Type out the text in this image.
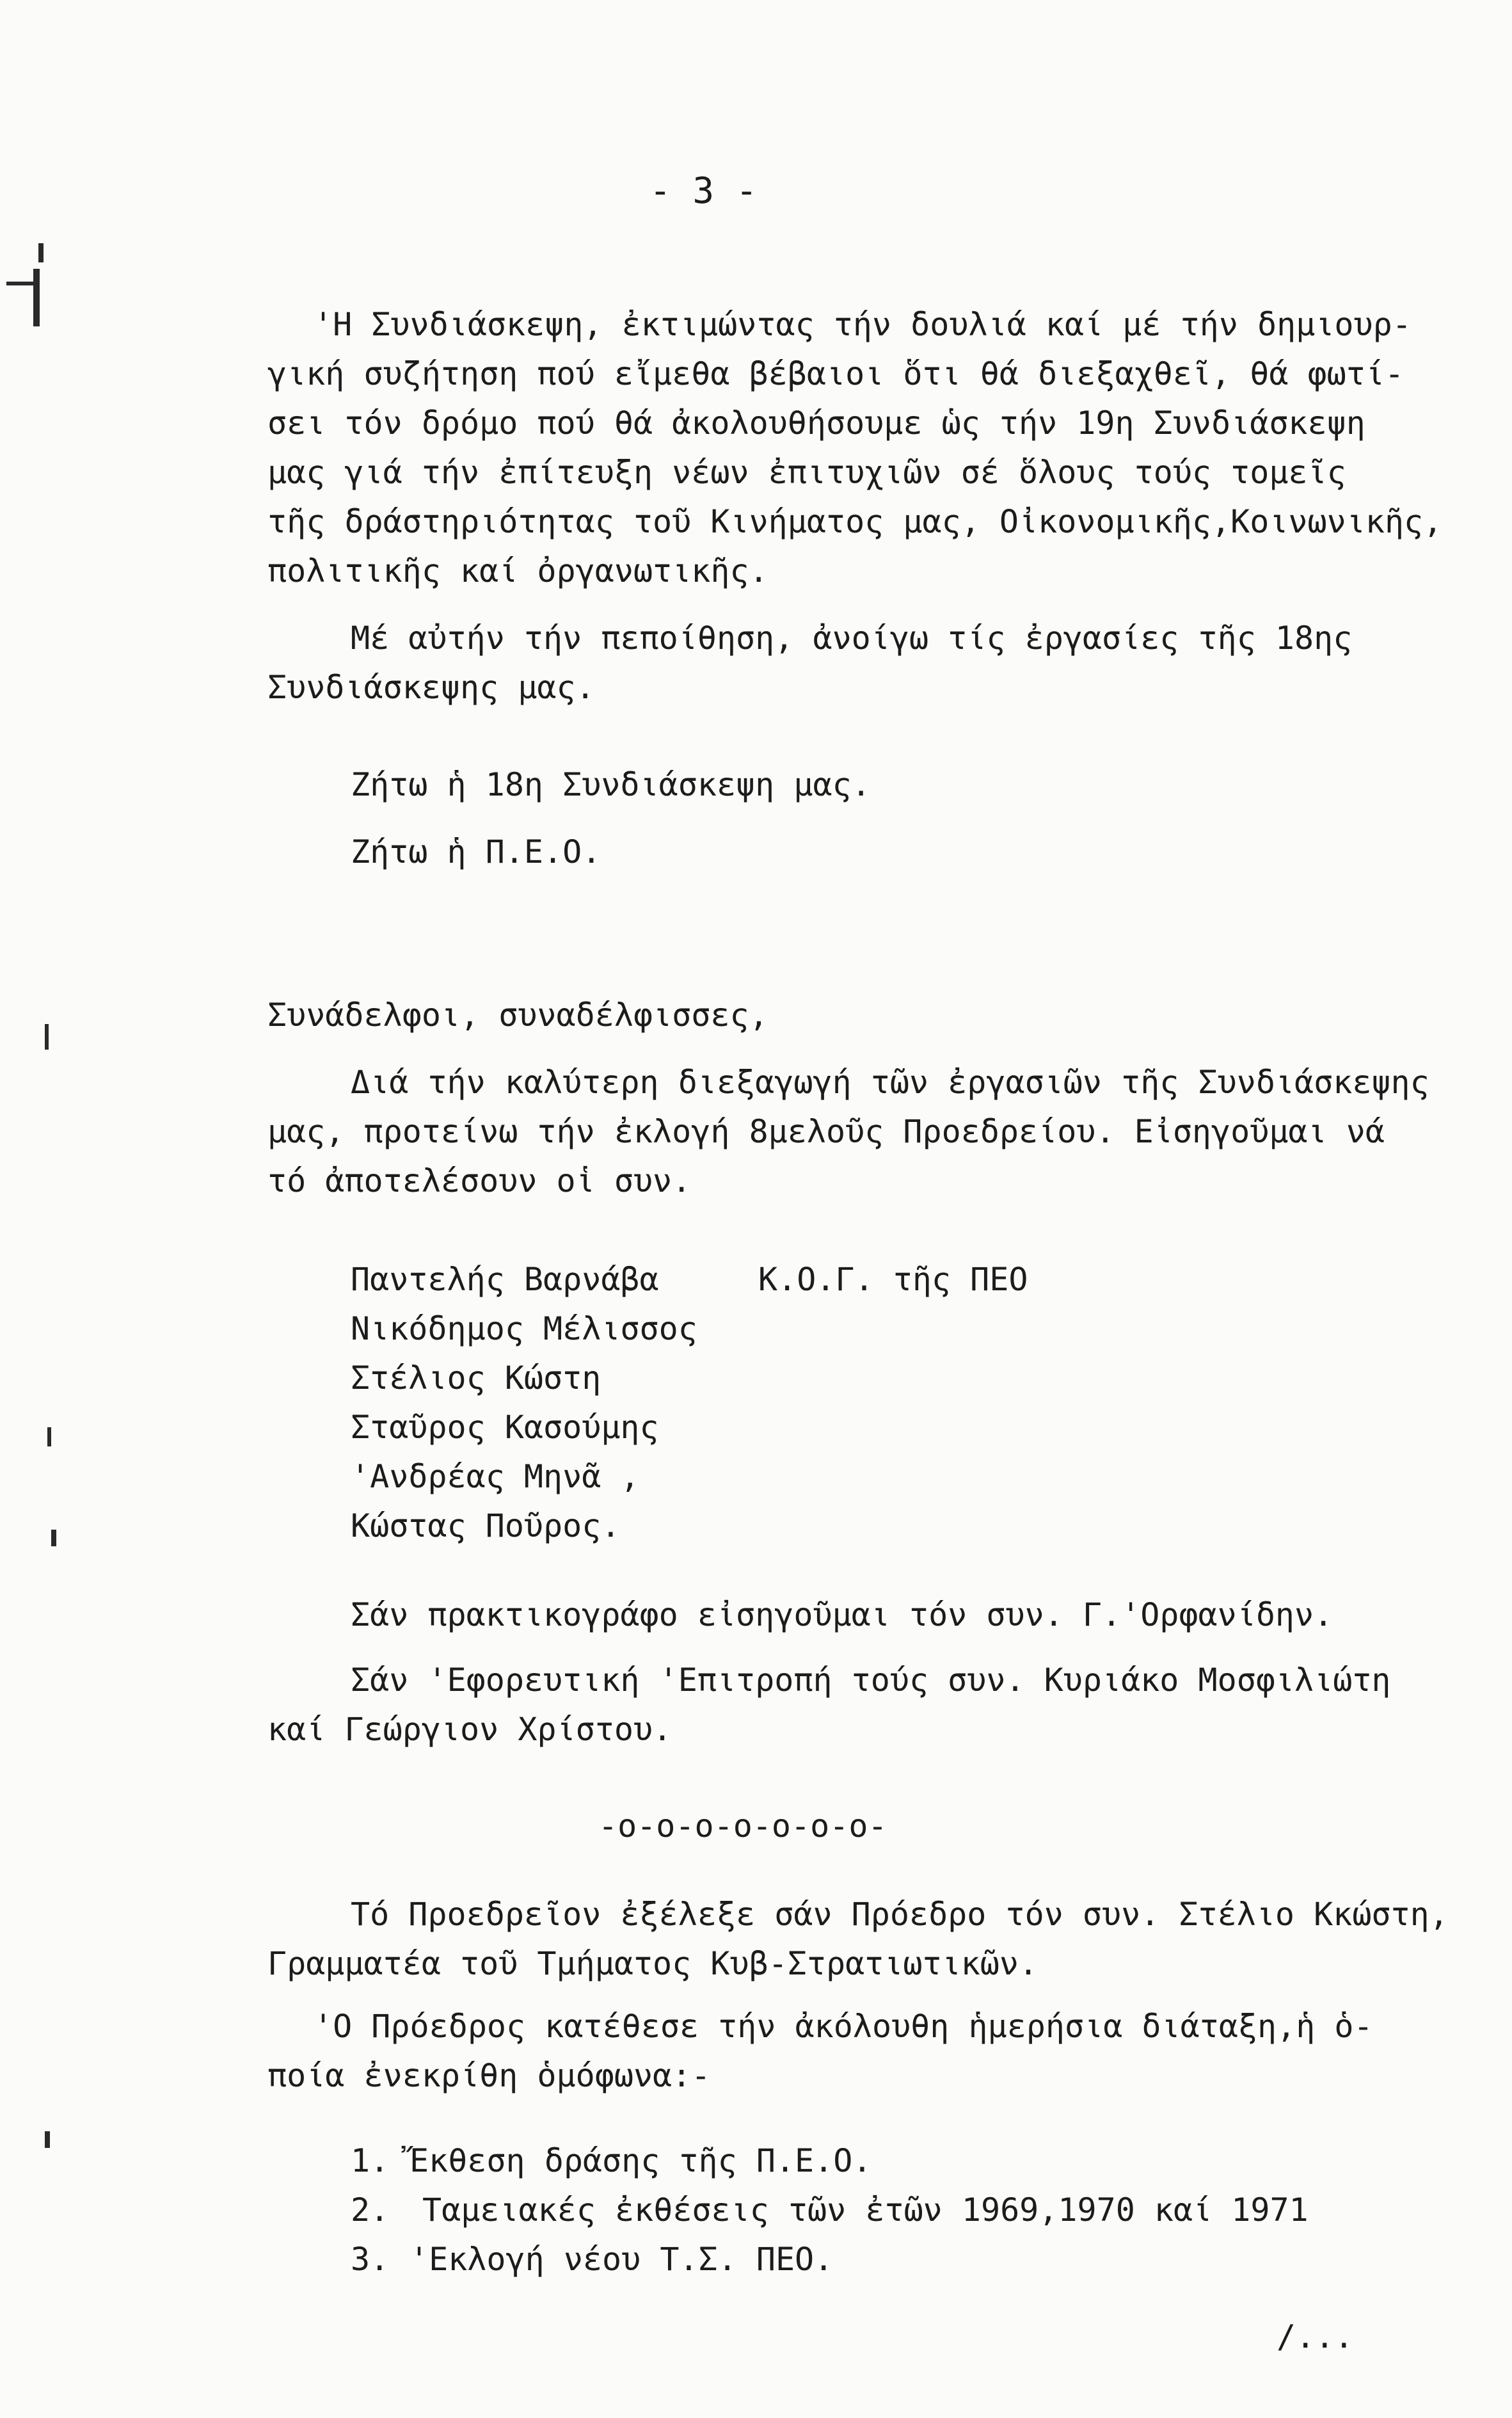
- 3 -
'Η Συνδιάσκεψη, ἐκτιμώντας τήν δουλιά καί μέ τήν δημιουρ-
γική συζήτηση πού εἴμεθα βέβαιοι ὅτι θά διεξαχθεῖ, θά φωτί-
σει τόν δρόμο πού θά ἀκολουθήσουμε ὡς τήν 19η Συνδιάσκεψη
μας γιά τήν ἐπίτευξη νέων ἐπιτυχιῶν σέ ὅλους τούς τομεῖς
τῆς δράστηριότητας τοῦ Κινήματος μας, Οἰκονομικῆς,Κοινωνικῆς,
πολιτικῆς καί ὀργανωτικῆς.
Μέ αὐτήν τήν πεποίθηση, ἀνοίγω τίς ἐργασίες τῆς 18ης
Συνδιάσκεψης μας.
Ζήτω ἡ 18η Συνδιάσκεψη μας.
Ζήτω ἡ Π.Ε.Ο.
Συνάδελφοι, συναδέλφισσες,
Διά τήν καλύτερη διεξαγωγή τῶν ἐργασιῶν τῆς Συνδιάσκεψης
μας, προτείνω τήν ἐκλογή 8μελοῦς Προεδρείου. Εἰσηγοῦμαι νά
τό ἀποτελέσουν οἱ συν.
Παντελής Βαρνάβα	Κ.Ο.Γ. τῆς ΠΕΟ
Νικόδημος Μέλισσος
Στέλιος Κώστη
Σταῦρος Κασούμης
'Ανδρέας Μηνᾶ ,
Κώστας Ποῦρος.
Σάν πρακτικογράφο εἰσηγοῦμαι τόν συν. Γ.'Ορφανίδην.
Σάν 'Εφορευτική 'Επιτροπή τούς συν. Κυριάκο Μοσφιλιώτη
καί Γεώργιον Χρίστου.
-ο-ο-ο-ο-ο-ο-ο-
Τό Προεδρεῖον ἐξέλεξε σάν Πρόεδρο τόν συν. Στέλιο Κκώστη,
Γραμματέα τοῦ Τμήματος Κυβ-Στρατιωτικῶν.
'Ο Πρόεδρος κατέθεσε τήν ἀκόλουθη ἡμερήσια διάταξη,ἡ ὁ-
ποία ἐνεκρίθη ὁμόφωνα:-
1. Ἔκθεση δράσης τῆς Π.Ε.Ο.
2. Ταμειακές ἐκθέσεις τῶν ἐτῶν 1969,1970 καί 1971
3. 'Εκλογή νέου Τ.Σ. ΠΕΟ.
/...
